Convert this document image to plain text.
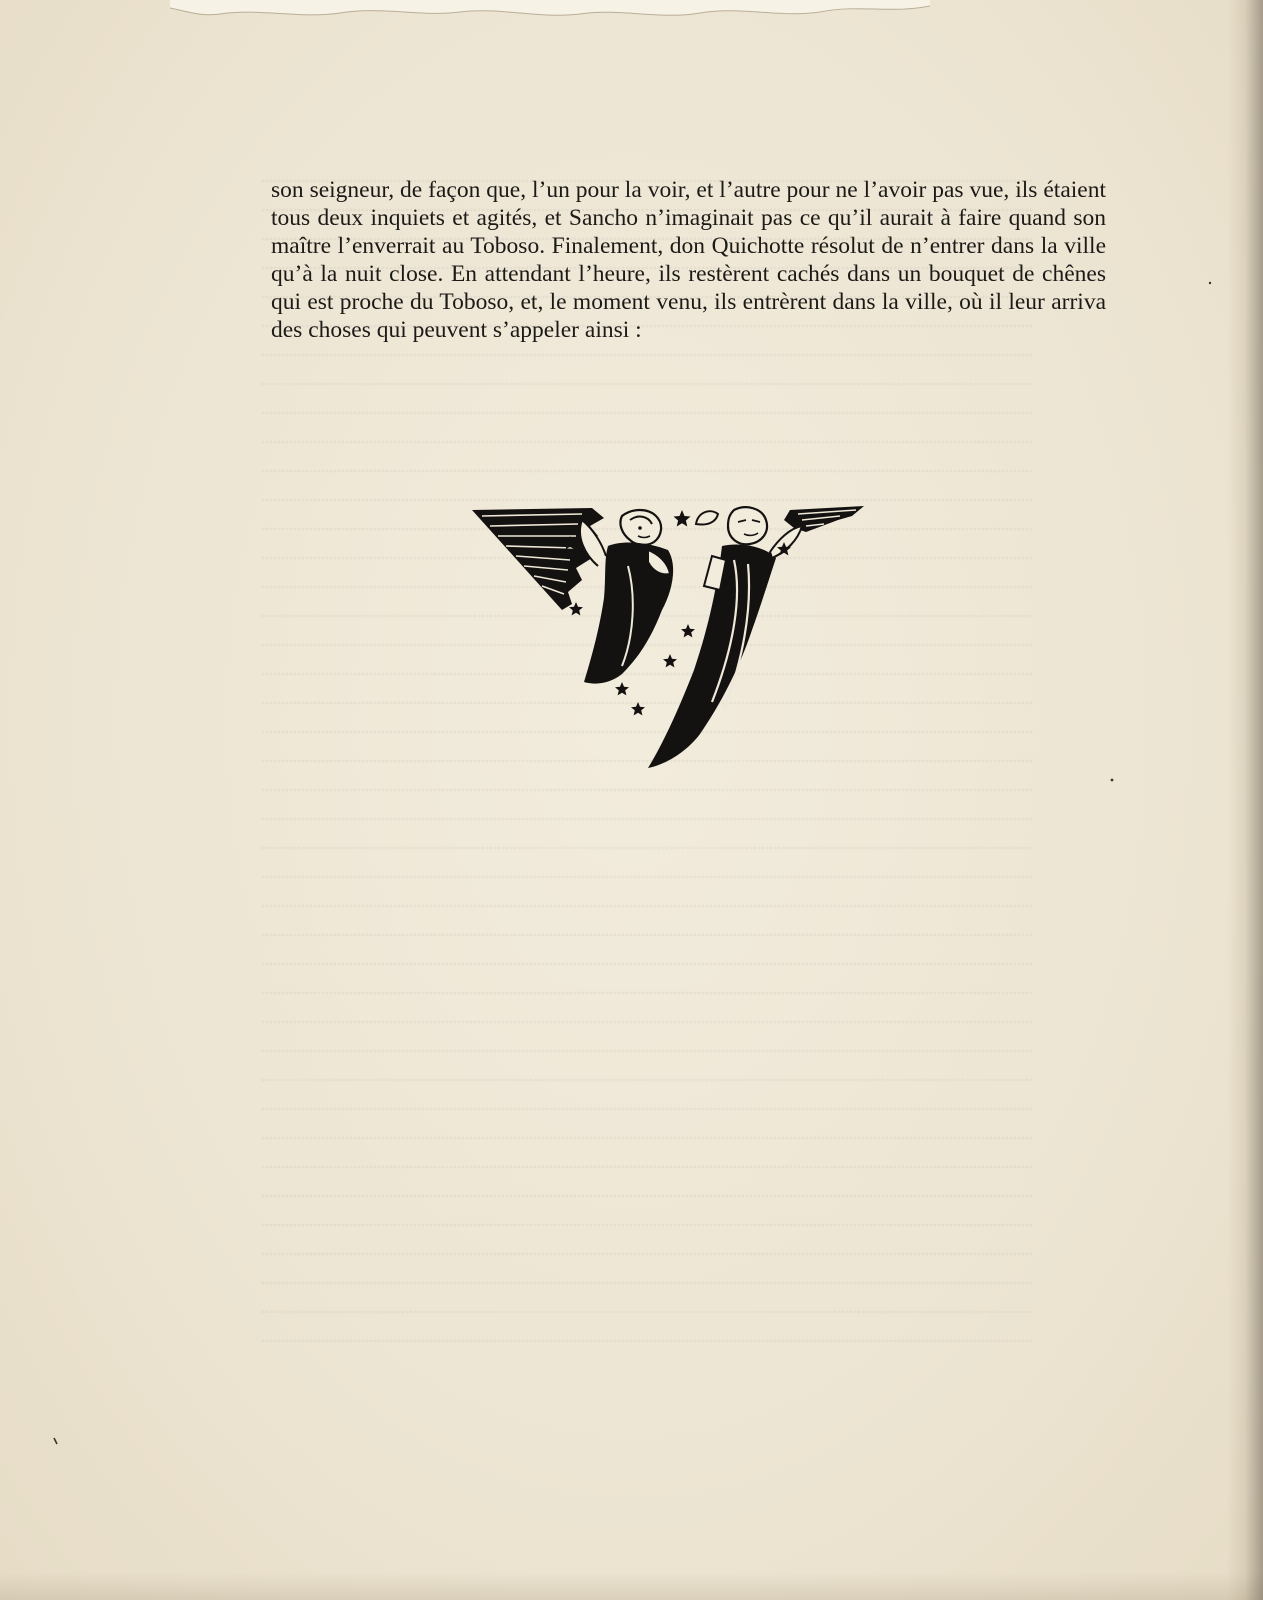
son seigneur, de façon que, l’un pour la voir, et l’autre pour ne l’avoir pas vue, ils étaient tous deux inquiets et agités, et Sancho n’imaginait pas ce qu’il aurait à faire quand son maître l’enverrait au Toboso. Finalement, don Quichotte résolut de n’entrer dans la ville qu’à la nuit close. En attendant l’heure, ils restèrent cachés dans un bouquet de chênes qui est proche du Toboso, et, le moment venu, ils entrèrent dans la ville, où il leur arriva des choses qui peuvent s’appeler ainsi :
